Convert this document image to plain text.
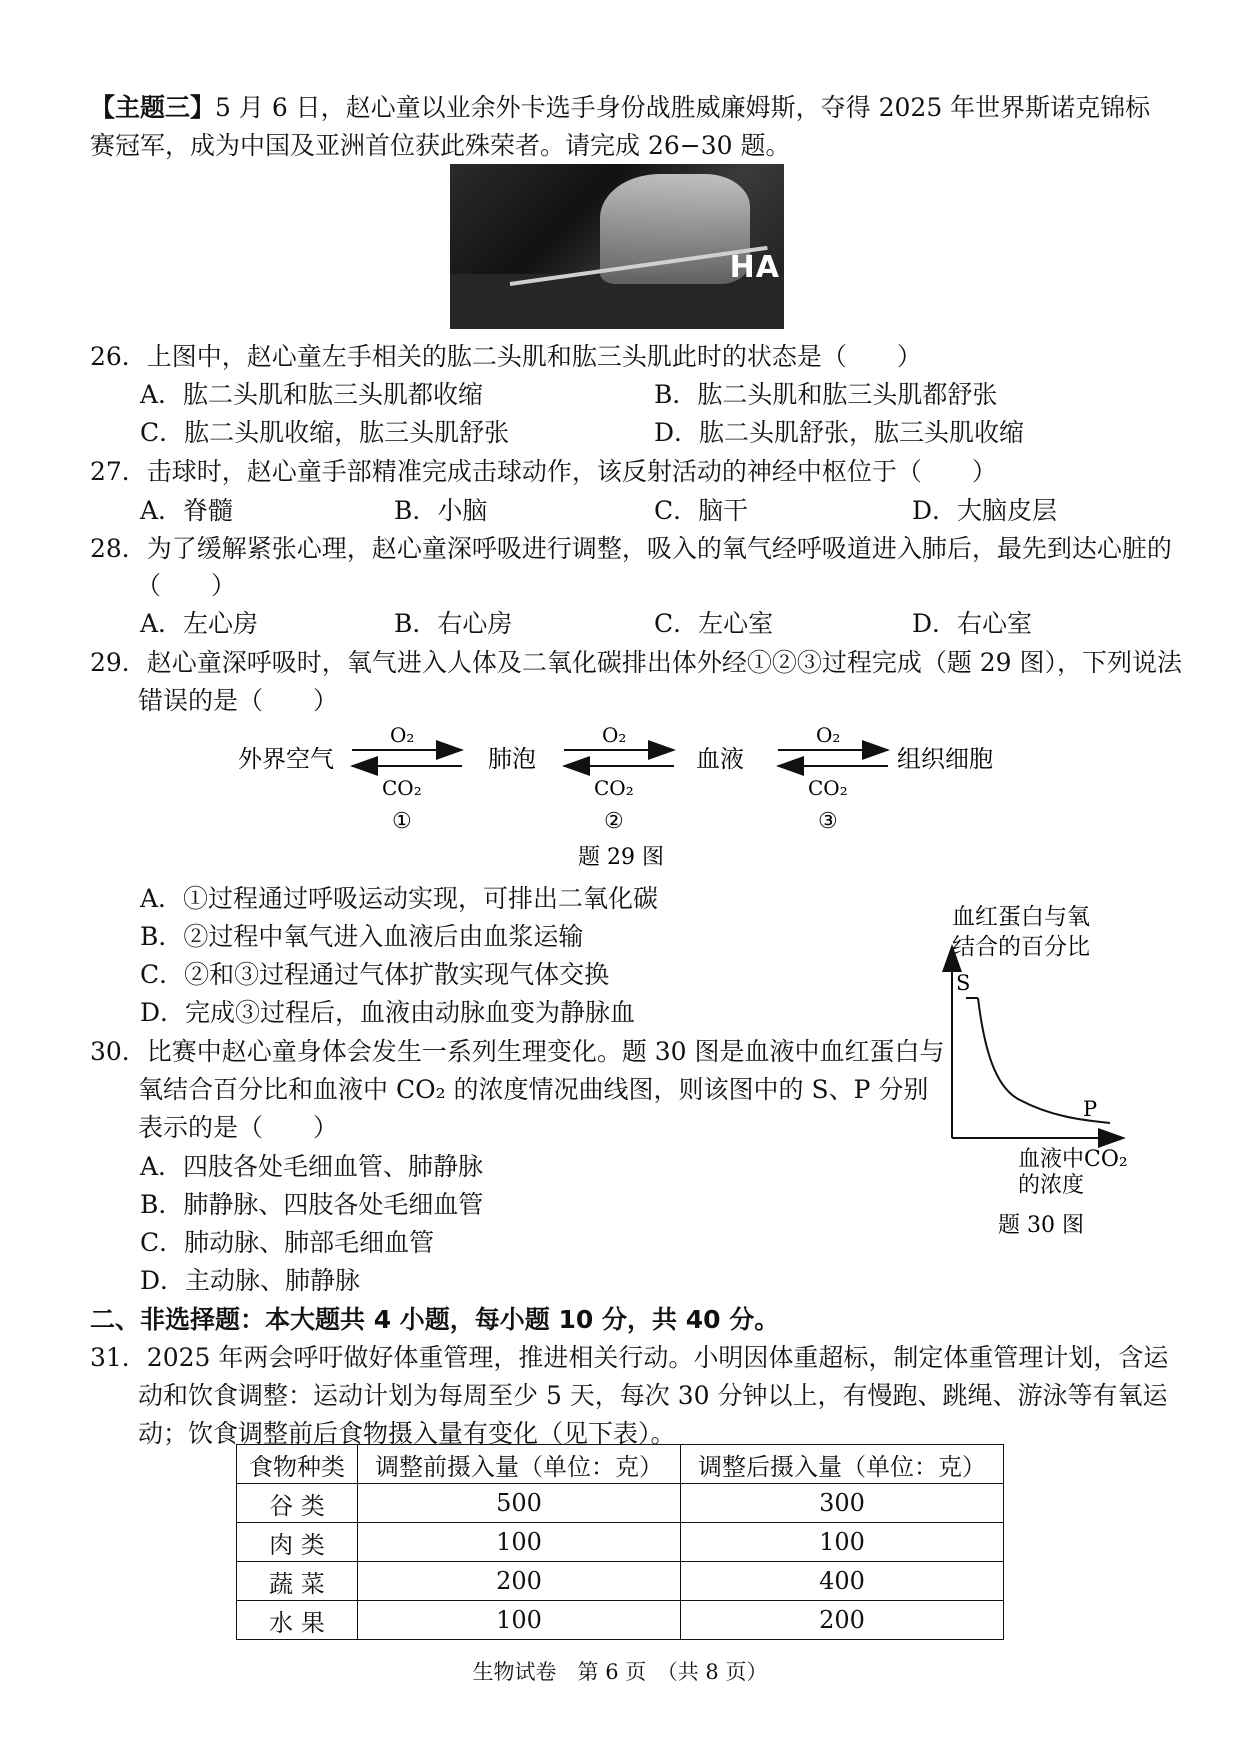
【主题三】5 月 6 日，赵心童以业余外卡选手身份战胜威廉姆斯，夺得 2025 年世界斯诺克锦标
赛冠军，成为中国及亚洲首位获此殊荣者。请完成 26−30 题。
HA
26．上图中，赵心童左手相关的肱二头肌和肱三头肌此时的状态是（　　）
A．肱二头肌和肱三头肌都收缩	B．肱二头肌和肱三头肌都舒张
C．肱二头肌收缩，肱三头肌舒张	D．肱二头肌舒张，肱三头肌收缩
27．击球时，赵心童手部精准完成击球动作，该反射活动的神经中枢位于（　　）
A．脊髓	B．小脑	C．脑干	D．大脑皮层
28．为了缓解紧张心理，赵心童深呼吸进行调整，吸入的氧气经呼吸道进入肺后，最先到达心脏的
（　　）
A．左心房	B．右心房	C．左心室	D．右心室
29．赵心童深呼吸时，氧气进入人体及二氧化碳排出体外经①②③过程完成（题 29 图），下列说法
错误的是（　　）
外界空气	肺泡	血液	组织细胞
O₂
CO₂
①
O₂
CO₂
②
O₂
CO₂
③
题 29 图
A．①过程通过呼吸运动实现，可排出二氧化碳
B．②过程中氧气进入血液后由血浆运输
C．②和③过程通过气体扩散实现气体交换
D．完成③过程后，血液由动脉血变为静脉血
30．比赛中赵心童身体会发生一系列生理变化。题 30 图是血液中血红蛋白与
氧结合百分比和血液中 CO₂ 的浓度情况曲线图，则该图中的 S、P 分别
表示的是（　　）
A．四肢各处毛细血管、肺静脉
B．肺静脉、四肢各处毛细血管
C．肺动脉、肺部毛细血管
D．主动脉、肺静脉
血红蛋白与氧
结合的百分比
S
P
血液中CO₂
的浓度
题 30 图
二、非选择题：本大题共 4 小题，每小题 10 分，共 40 分。
31．2025 年两会呼吁做好体重管理，推进相关行动。小明因体重超标，制定体重管理计划，含运
动和饮食调整：运动计划为每周至少 5 天，每次 30 分钟以上，有慢跑、跳绳、游泳等有氧运
动；饮食调整前后食物摄入量有变化（见下表）。
食物种类	调整前摄入量（单位：克）	调整后摄入量（单位：克）
谷 类	500	300
肉 类	100	100
蔬 菜	200	400
水 果	100	200
生物试卷　第 6 页　（共 8 页）
